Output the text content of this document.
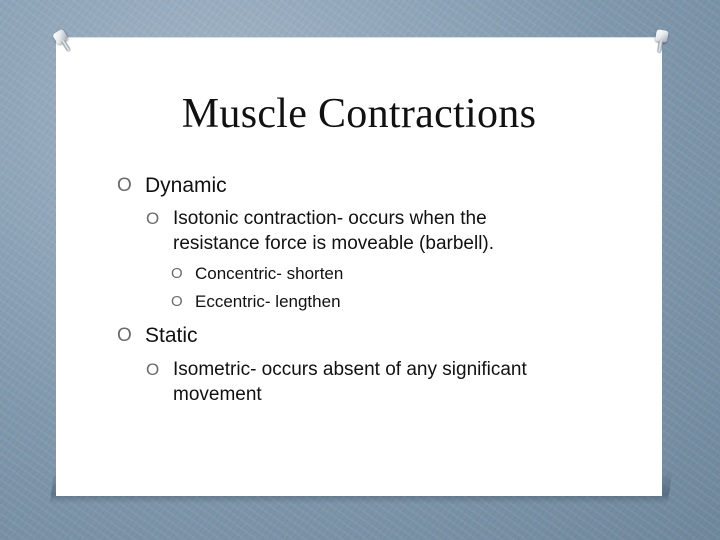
Muscle Contractions
O Dynamic
O Isotonic contraction- occurs when the
resistance force is moveable (barbell).
O Concentric- shorten
O Eccentric- lengthen
O Static
O Isometric- occurs absent of any significant
movement
